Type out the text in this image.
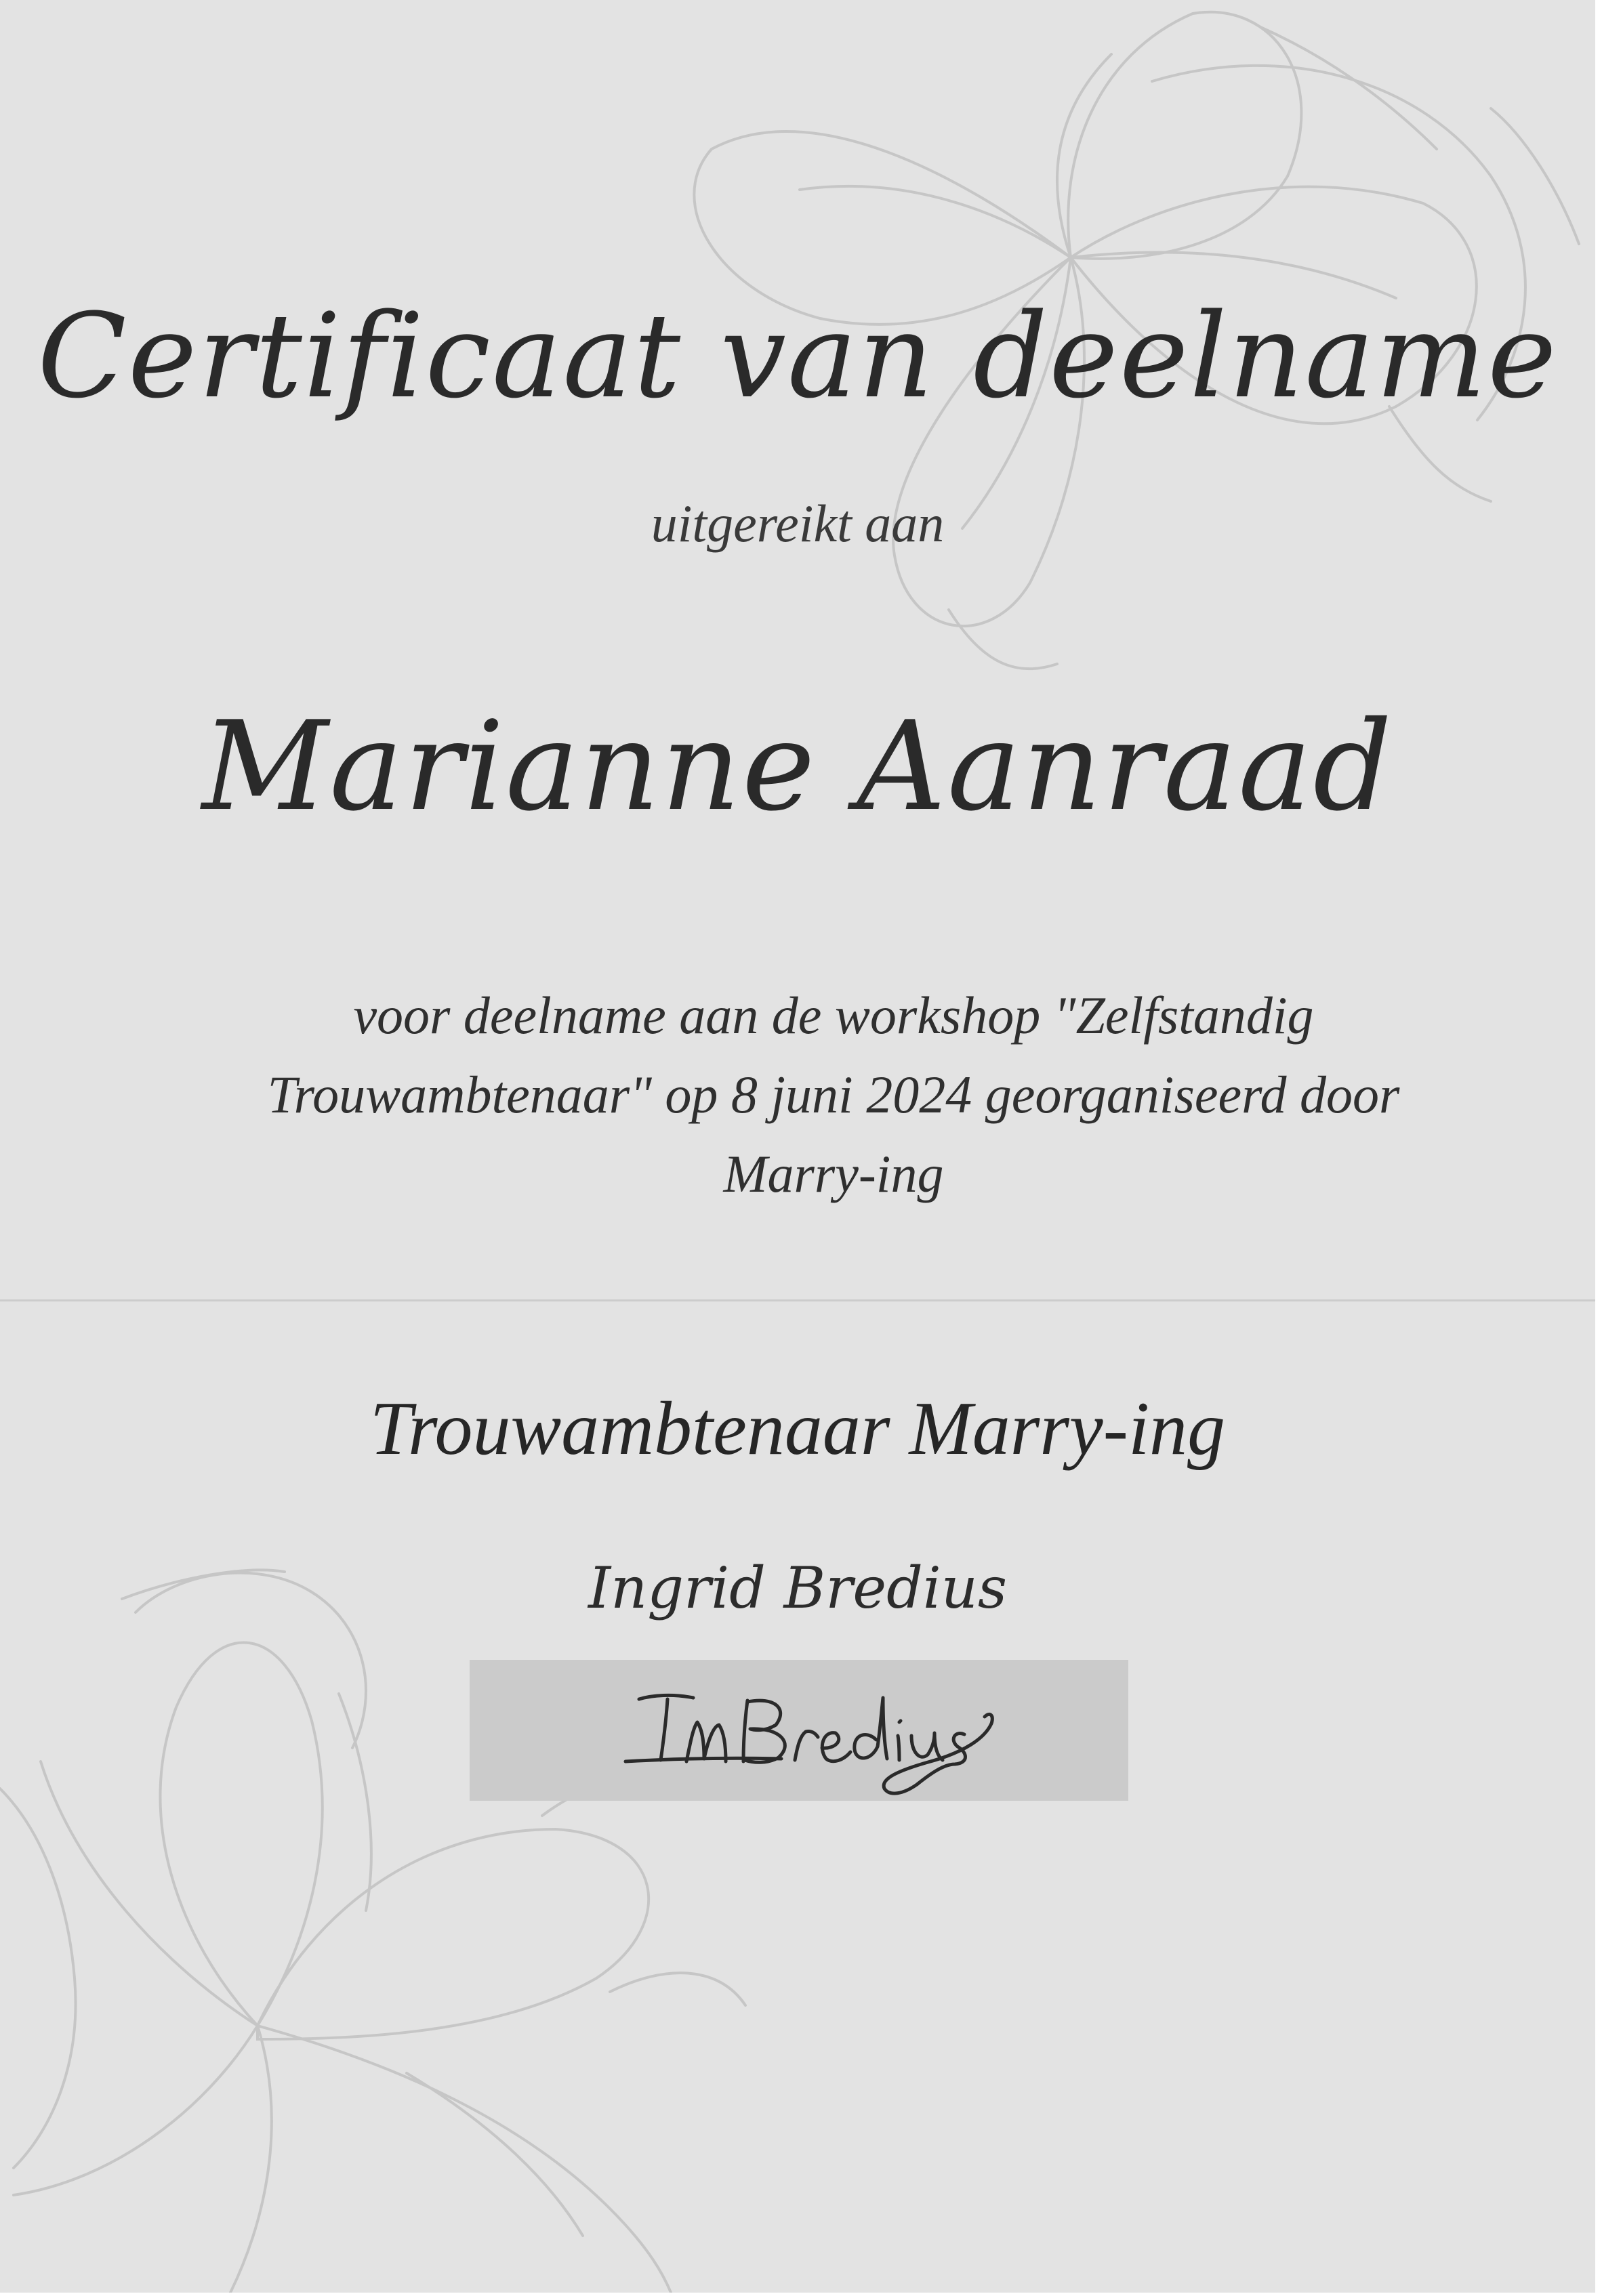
Certificaat van deelname
uitgereikt aan
Marianne Aanraad
voor deelname aan de workshop "Zelfstandig
Trouwambtenaar" op 8 juni 2024 georganiseerd door
Marry-ing
Trouwambtenaar Marry-ing
Ingrid Bredius
